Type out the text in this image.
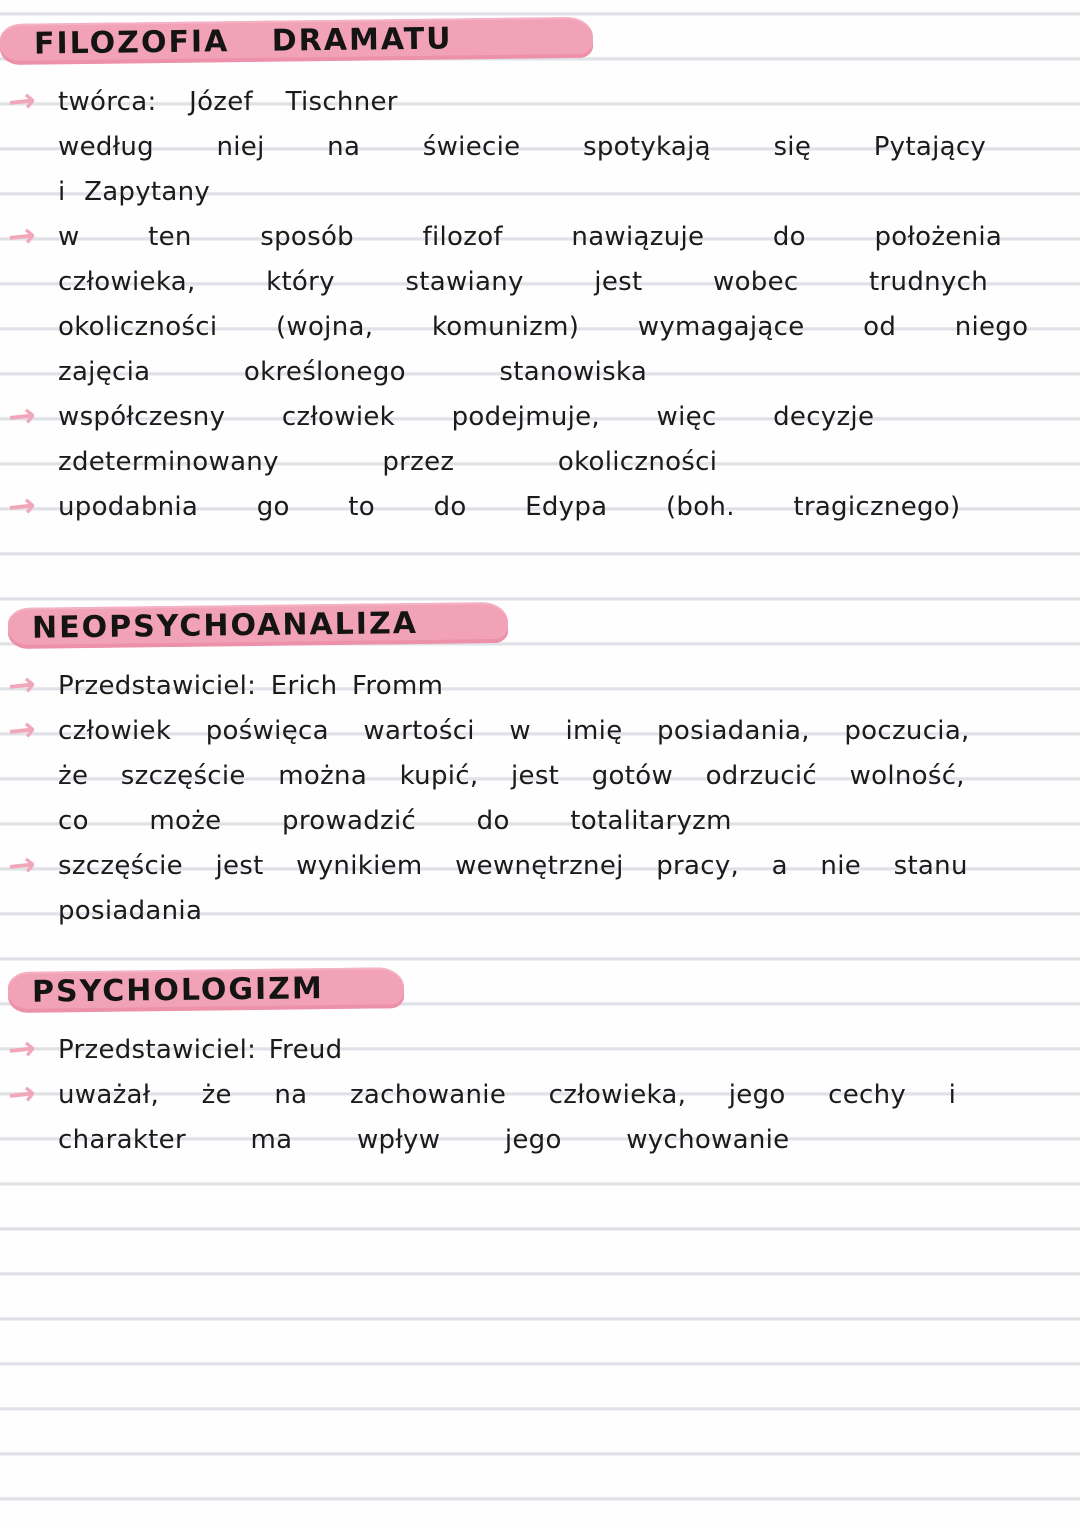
FILOZOFIA DRAMATU
→ twórca: Józef Tischner
według niej na świecie spotykają się Pytający
i Zapytany
→ w ten sposób filozof nawiązuje do położenia
człowieka, który stawiany jest wobec trudnych
okoliczności (wojna, komunizm) wymagające od niego
zajęcia określonego stanowiska
→ współczesny człowiek podejmuje, więc decyzje
zdeterminowany przez okoliczności
→ upodabnia go to do Edypa (boh. tragicznego)
NEOPSYCHOANALIZA
→ Przedstawiciel: Erich Fromm
→ człowiek poświęca wartości w imię posiadania, poczucia,
że szczęście można kupić, jest gotów odrzucić wolność,
co może prowadzić do totalitaryzm
→ szczęście jest wynikiem wewnętrznej pracy, a nie stanu
posiadania
PSYCHOLOGIZM
→ Przedstawiciel: Freud
→ uważał, że na zachowanie człowieka, jego cechy i
charakter ma wpływ jego wychowanie
